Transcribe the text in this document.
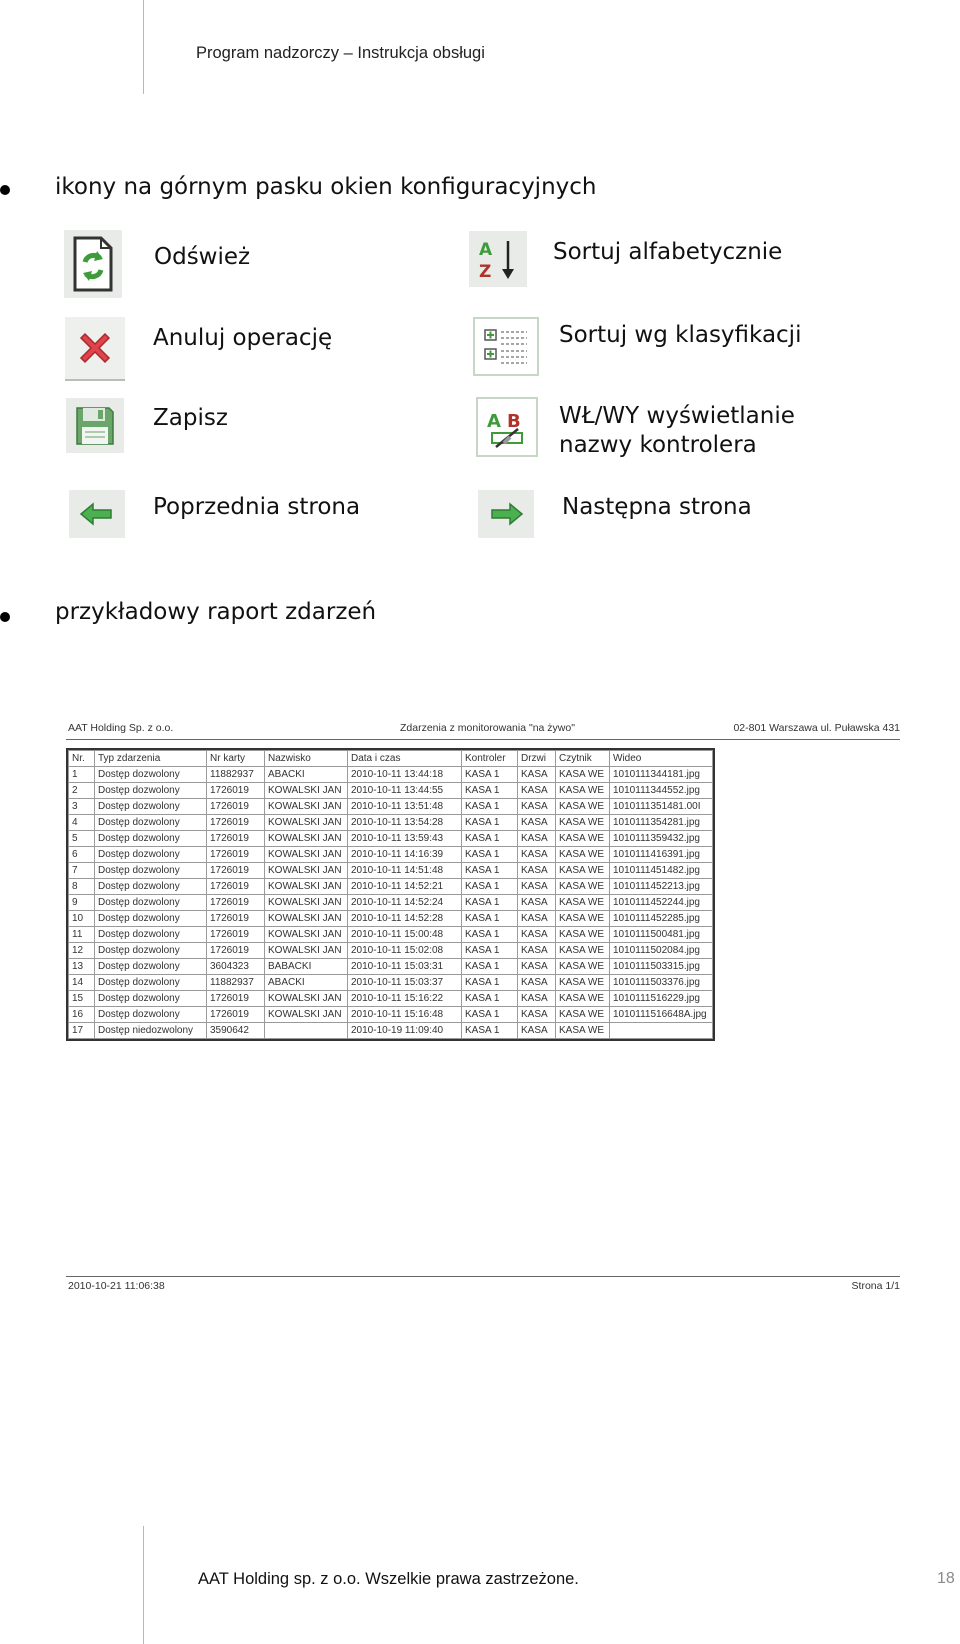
Program nadzorczy – Instrukcja obsługi
ikony na górnym pasku okien konfiguracyjnych
Odśwież	A
Z
Sortuj alfabetycznie
Anuluj operację	Sortuj wg klasyfikacji
Zapisz	A B WŁ/WY wyświetlanie
nazwy kontrolera
Poprzednia strona	Następna strona
przykładowy raport zdarzeń
AAT Holding Sp. z o.o.	Zdarzenia z monitorowania "na żywo"	02-801 Warszawa ul. Puławska 431
Nr.	Typ zdarzenia	Nr karty	Nazwisko	Data i czas	Kontroler	Drzwi	Czytnik	Wideo
1	Dostęp dozwolony	11882937	ABACKI	2010-10-11 13:44:18	KASA 1	KASA	KASA WE	1010111344181.jpg
2	Dostęp dozwolony	1726019	KOWALSKI JAN	2010-10-11 13:44:55	KASA 1	KASA	KASA WE	1010111344552.jpg
3	Dostęp dozwolony	1726019	KOWALSKI JAN	2010-10-11 13:51:48	KASA 1	KASA	KASA WE	1010111351481.00I
4	Dostęp dozwolony	1726019	KOWALSKI JAN	2010-10-11 13:54:28	KASA 1	KASA	KASA WE	1010111354281.jpg
5	Dostęp dozwolony	1726019	KOWALSKI JAN	2010-10-11 13:59:43	KASA 1	KASA	KASA WE	1010111359432.jpg
6	Dostęp dozwolony	1726019	KOWALSKI JAN	2010-10-11 14:16:39	KASA 1	KASA	KASA WE	1010111416391.jpg
7	Dostęp dozwolony	1726019	KOWALSKI JAN	2010-10-11 14:51:48	KASA 1	KASA	KASA WE	1010111451482.jpg
8	Dostęp dozwolony	1726019	KOWALSKI JAN	2010-10-11 14:52:21	KASA 1	KASA	KASA WE	1010111452213.jpg
9	Dostęp dozwolony	1726019	KOWALSKI JAN	2010-10-11 14:52:24	KASA 1	KASA	KASA WE	1010111452244.jpg
10	Dostęp dozwolony	1726019	KOWALSKI JAN	2010-10-11 14:52:28	KASA 1	KASA	KASA WE	1010111452285.jpg
11	Dostęp dozwolony	1726019	KOWALSKI JAN	2010-10-11 15:00:48	KASA 1	KASA	KASA WE	1010111500481.jpg
12	Dostęp dozwolony	1726019	KOWALSKI JAN	2010-10-11 15:02:08	KASA 1	KASA	KASA WE	1010111502084.jpg
13	Dostęp dozwolony	3604323	BABACKI	2010-10-11 15:03:31	KASA 1	KASA	KASA WE	1010111503315.jpg
14	Dostęp dozwolony	11882937	ABACKI	2010-10-11 15:03:37	KASA 1	KASA	KASA WE	1010111503376.jpg
15	Dostęp dozwolony	1726019	KOWALSKI JAN	2010-10-11 15:16:22	KASA 1	KASA	KASA WE	1010111516229.jpg
16	Dostęp dozwolony	1726019	KOWALSKI JAN	2010-10-11 15:16:48	KASA 1	KASA	KASA WE	1010111516648A.jpg
17	Dostęp niedozwolony	3590642		2010-10-19 11:09:40	KASA 1	KASA	KASA WE	
2010-10-21 11:06:38	Strona 1/1
AAT Holding sp. z o.o. Wszelkie prawa zastrzeżone.	18
